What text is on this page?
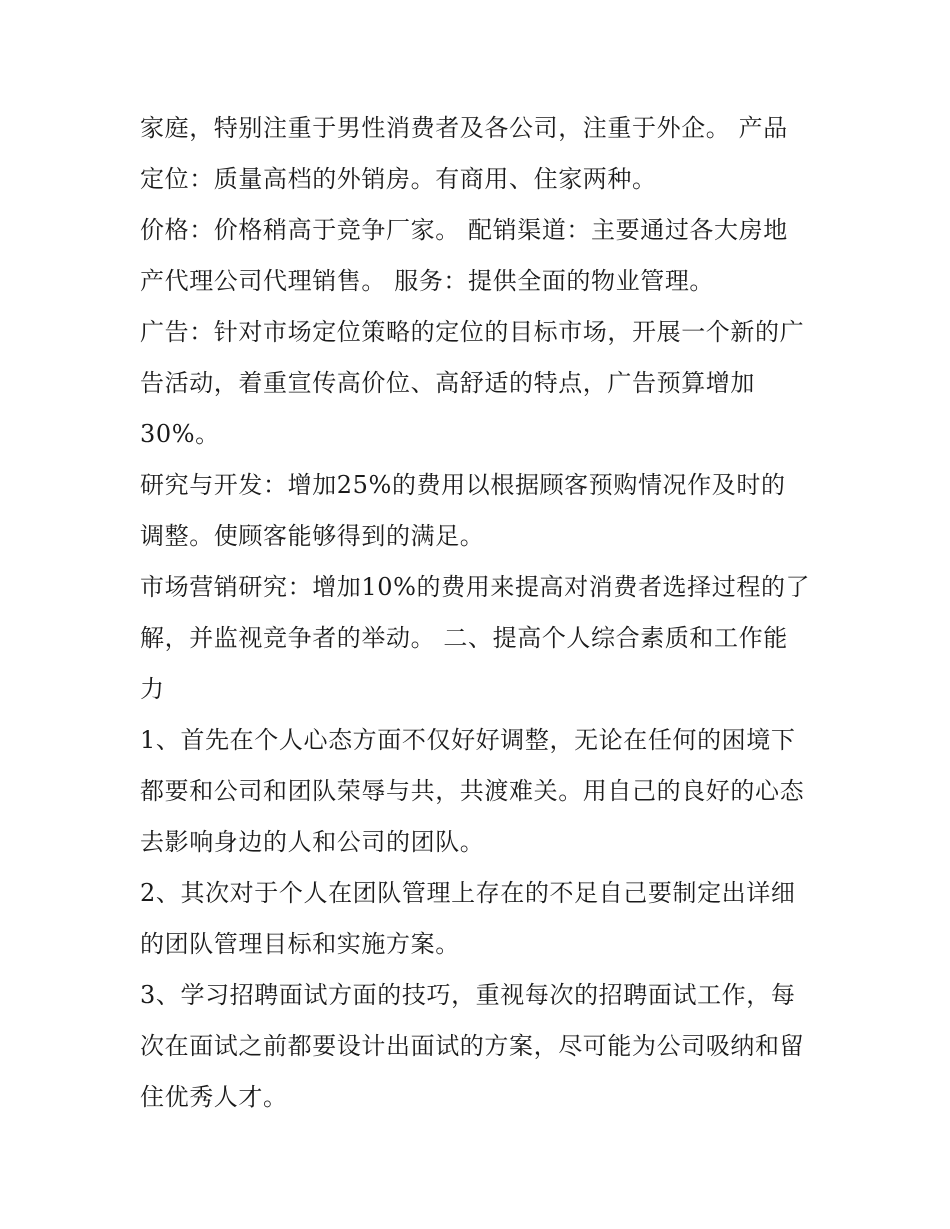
家庭，特别注重于男性消费者及各公司，注重于外企。 产品

定位：质量高档的外销房。有商用、住家两种。

价格：价格稍高于竞争厂家。 配销渠道：主要通过各大房地

产代理公司代理销售。 服务：提供全面的物业管理。

广告：针对市场定位策略的定位的目标市场，开展一个新的广

告活动，着重宣传高价位、高舒适的特点，广告预算增加

30%。

研究与开发：增加25%的费用以根据顾客预购情况作及时的

调整。使顾客能够得到的满足。

市场营销研究：增加10%的费用来提高对消费者选择过程的了

解，并监视竞争者的举动。 二、提高个人综合素质和工作能

力

1、首先在个人心态方面不仅好好调整，无论在任何的困境下

都要和公司和团队荣辱与共，共渡难关。用自己的良好的心态

去影响身边的人和公司的团队。

2、其次对于个人在团队管理上存在的不足自己要制定出详细

的团队管理目标和实施方案。

3、学习招聘面试方面的技巧，重视每次的招聘面试工作，每

次在面试之前都要设计出面试的方案，尽可能为公司吸纳和留

住优秀人才。
